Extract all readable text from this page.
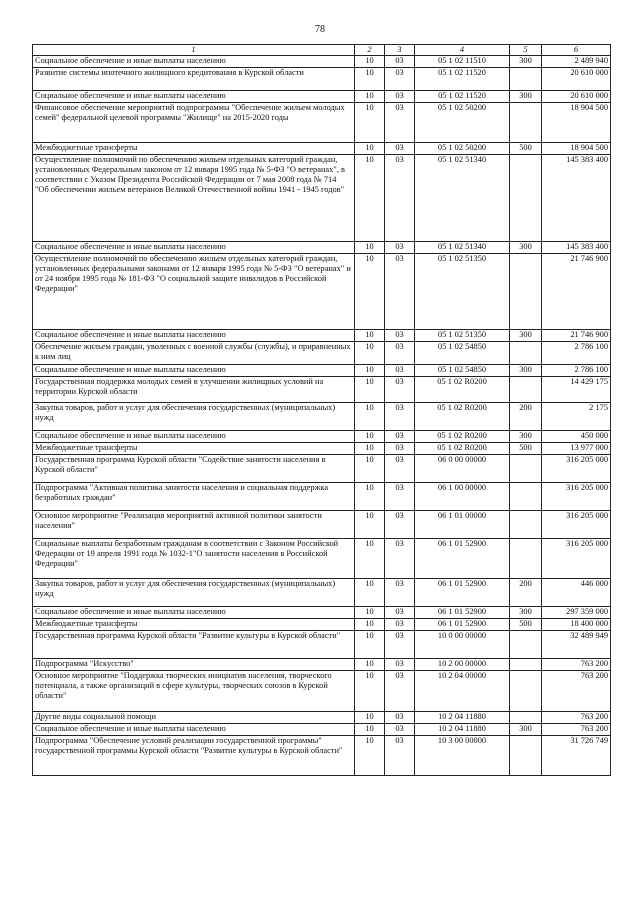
78
1	2	3	4	5	6
Социальное обеспечение и иные выплаты населению	10	03	05 1 02 11510	300	2 489 940
Развитие системы ипотечного жилищного кредитования в Курской области	10	03	05 1 02 11520		20 610 000
Социальное обеспечение и иные выплаты населению	10	03	05 1 02 11520	300	20 610 000
Финансовое обеспечение мероприятий подпрограммы "Обеспечение жильем молодых семей" федеральной целевой программы "Жилище" на 2015-2020 годы	10	03	05 1 02 50200		18 904 500
Межбюджетные трансферты	10	03	05 1 02 50200	500	18 904 500
Осуществление полномочий по обеспечению жильем отдельных категорий граждан, установленных Федеральным законом от 12 января 1995 года № 5-ФЗ "О ветеранах", в соответствии с Указом Президента Российской Федерации от 7 мая 2008 года № 714 "Об обеспечении жильем ветеранов Великой Отечественной войны 1941 - 1945 годов"	10	03	05 1 02 51340		145 383 400
Социальное обеспечение и иные выплаты населению	10	03	05 1 02 51340	300	145 383 400
Осуществление полномочий по обеспечению жильем отдельных категорий граждан, установленных федеральными законами от 12 января 1995 года № 5-ФЗ "О ветеранах" и от 24 ноября 1995 года № 181-ФЗ "О социальной защите инвалидов в Российской Федерации"	10	03	05 1 02 51350		21 746 900
Социальное обеспечение и иные выплаты населению	10	03	05 1 02 51350	300	21 746 900
Обеспечение жильем граждан, уволенных с военной службы (службы), и приравненных к ним лиц	10	03	05 1 02 54850		2 786 100
Социальное обеспечение и иные выплаты населению	10	03	05 1 02 54850	300	2 786 100
Государственная поддержка молодых семей в улучшении жилищных условий на территории Курской области	10	03	05 1 02 R0200		14 429 175
Закупка товаров, работ и услуг для обеспечения государственных (муниципальных) нужд	10	03	05 1 02 R0200	200	2 175
Социальное обеспечение и иные выплаты населению	10	03	05 1 02 R0200	300	450 000
Межбюджетные трансферты	10	03	05 1 02 R0200	500	13 977 000
Государственная программа Курской области "Содействие занятости населения в Курской области"	10	03	06 0 00 00000		316 205 000
Подпрограмма "Активная политика занятости населения и социальная поддержка безработных граждан"	10	03	06 1 00 00000		316 205 000
Основное мероприятие "Реализация мероприятий активной политики занятости населения"	10	03	06 1 01 00000		316 205 000
Социальные выплаты безработным гражданам в соответствии с Законом Российской Федерации от 19 апреля 1991 года № 1032-1"О занятости населения в Российской Федерации"	10	03	06 1 01 52900		316 205 000
Закупка товаров, работ и услуг для обеспечения государственных (муниципальных) нужд	10	03	06 1 01 52900	200	446 000
Социальное обеспечение и иные выплаты населению	10	03	06 1 01 52900	300	297 359 000
Межбюджетные трансферты	10	03	06 1 01 52900	500	18 400 000
Государственная программа Курской области "Развитие культуры в Курской области"	10	03	10 0 00 00000		32 489 949
Подпрограмма "Искусство"	10	03	10 2 00 00000		763 200
Основное мероприятие "Поддержка творческих инициатив населения, творческого потенциала, а также организаций в сфере культуры, творческих союзов в Курской области"	10	03	10 2 04 00000		763 200
Другие виды социальной помощи	10	03	10 2 04 11880		763 200
Социальное обеспечение и иные выплаты населению	10	03	10 2 04 11880	300	763 200
Подпрограмма "Обеспечение условий реализации государственной программы" государственной программы Курской области "Развитие культуры в Курской области"	10	03	10 3 00 00000		31 726 749
